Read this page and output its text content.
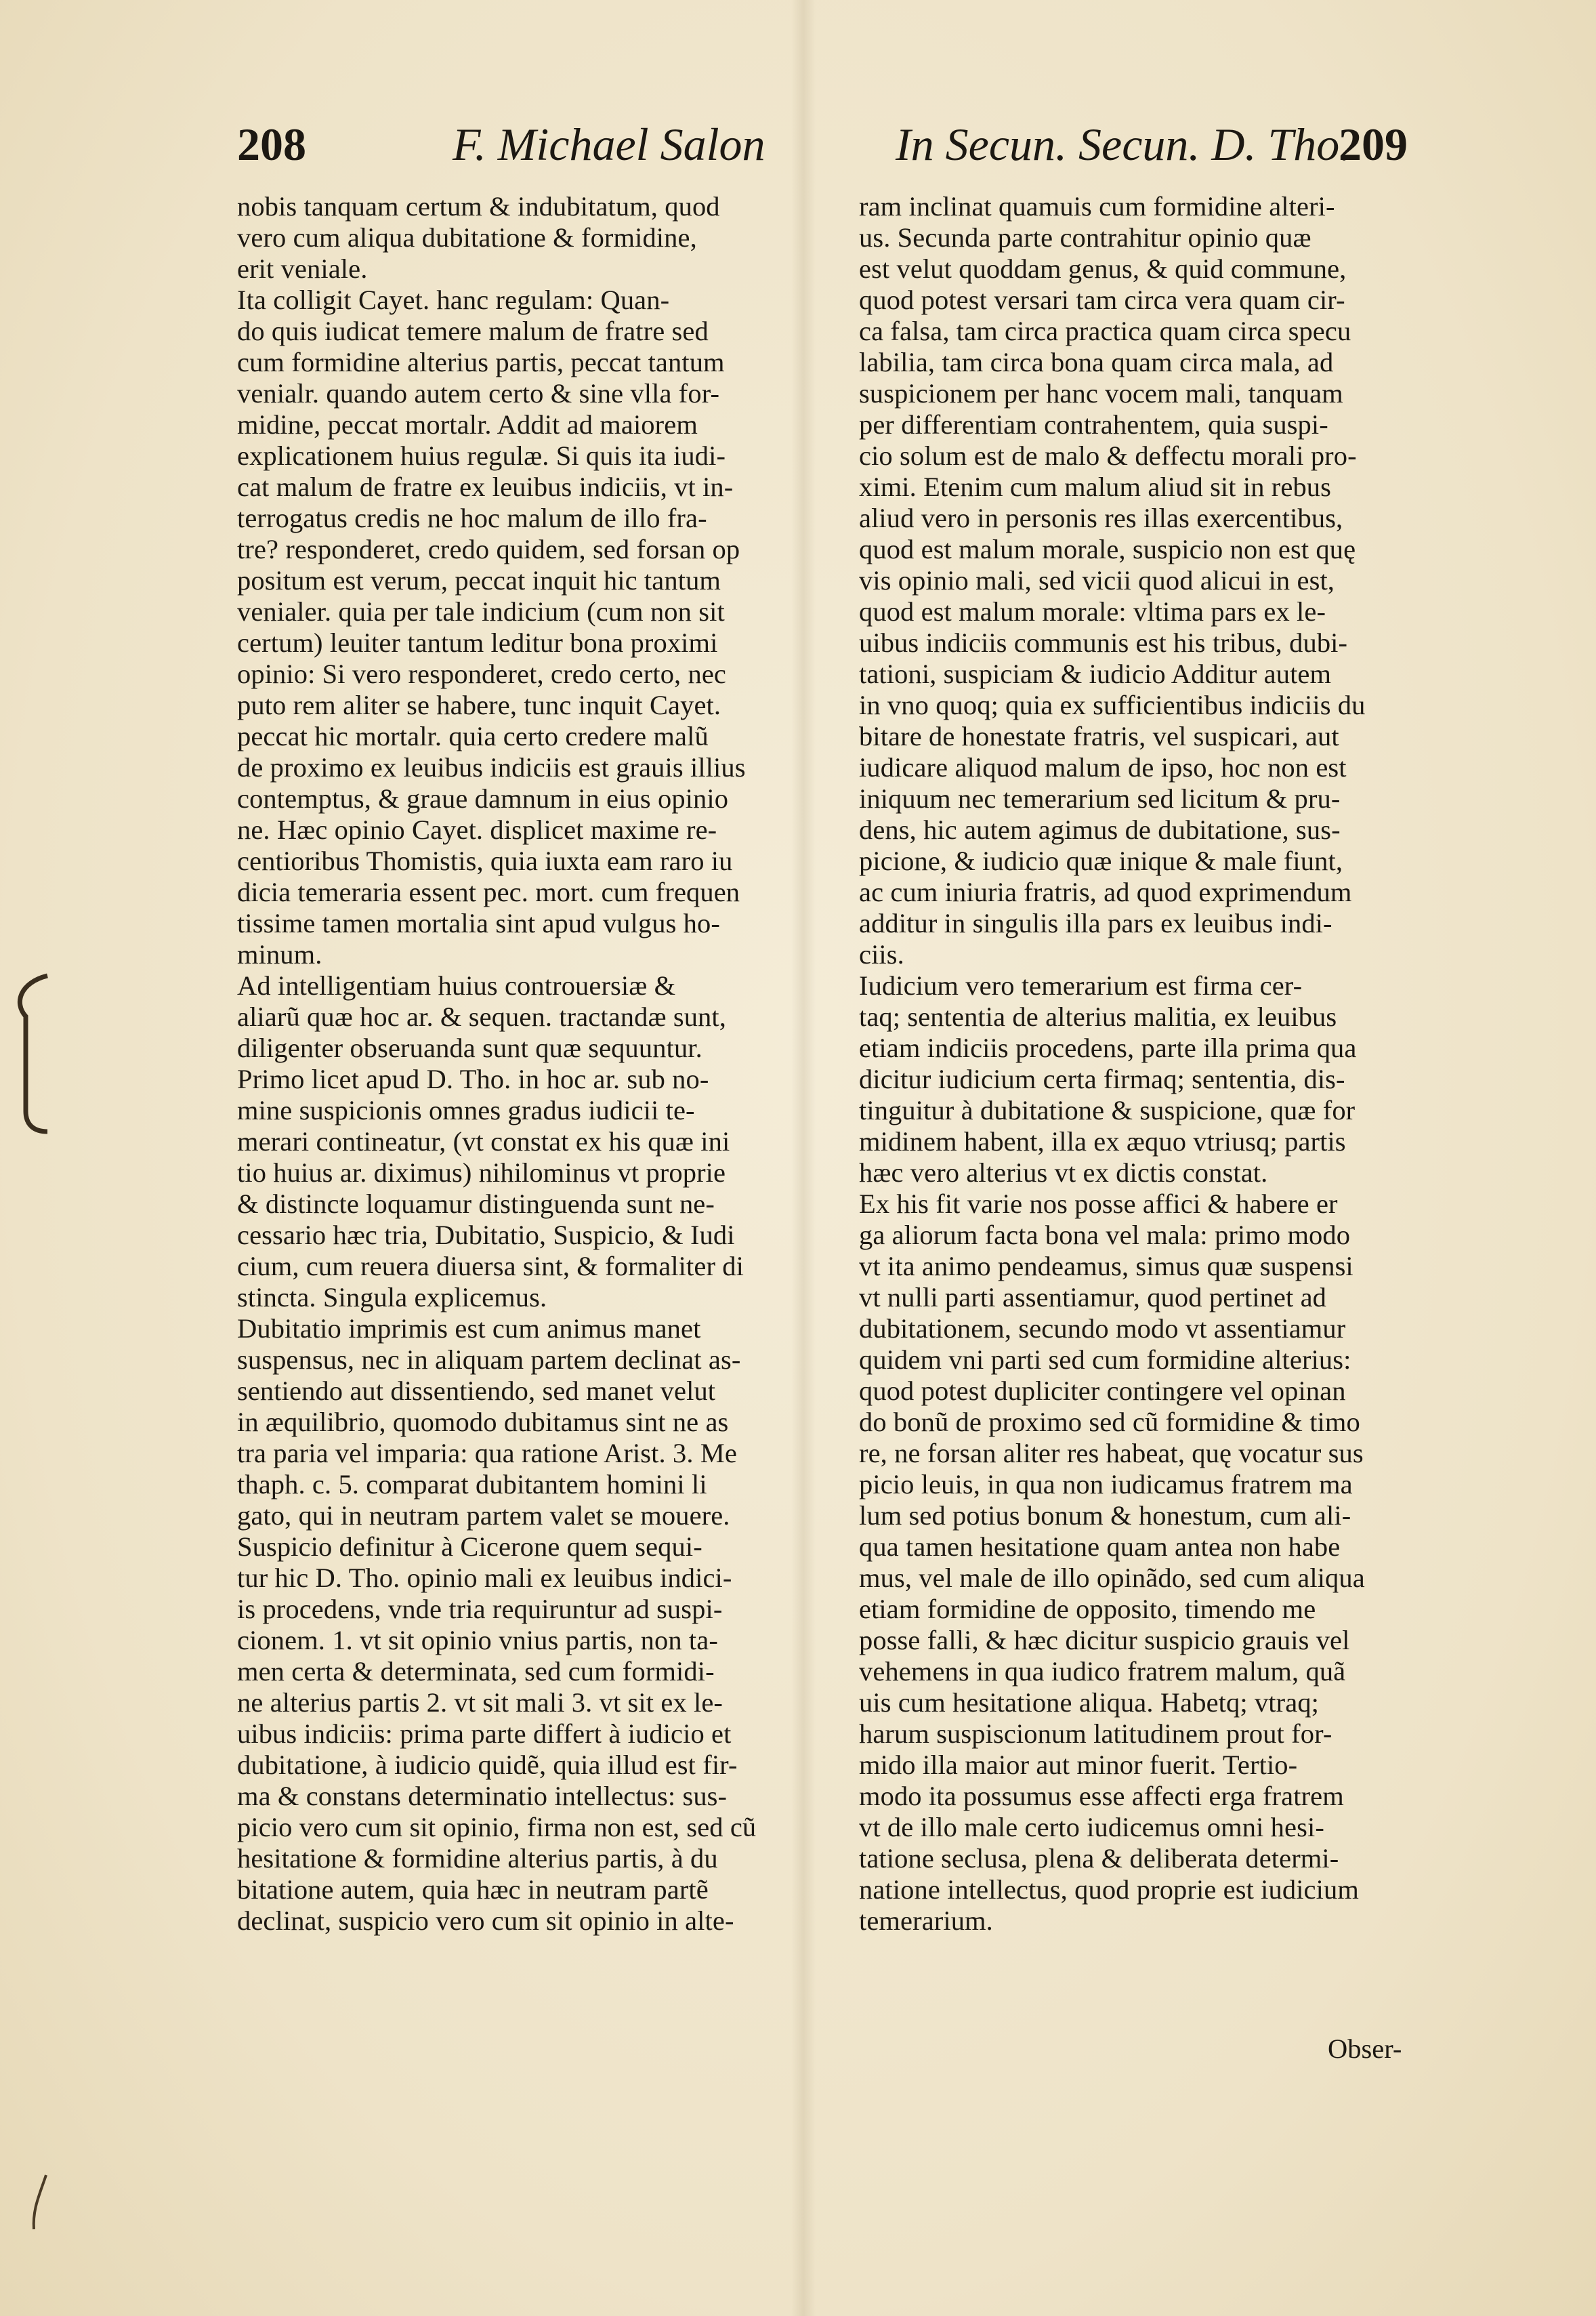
208	F. Michael Salon	In Secun. Secun. D. Tho.
209

nobis tanquam certum & indubitatum, quod

vero cum aliqua dubitatione & formidine,

erit veniale.

Ita colligit Cayet. hanc regulam: Quan-

do quis iudicat temere malum de fratre sed

cum formidine alterius partis, peccat tantum

venialr. quando autem certo & sine vlla for-

midine, peccat mortalr. Addit ad maiorem

explicationem huius regulæ. Si quis ita iudi-

cat malum de fratre ex leuibus indiciis, vt in-

terrogatus credis ne hoc malum de illo fra-

tre? responderet, credo quidem, sed forsan op

positum est verum, peccat inquit hic tantum

venialer. quia per tale indicium (cum non sit

certum) leuiter tantum leditur bona proximi

opinio: Si vero responderet, credo certo, nec

puto rem aliter se habere, tunc inquit Cayet.

peccat hic mortalr. quia certo credere malũ

de proximo ex leuibus indiciis est grauis illius

contemptus, & graue damnum in eius opinio

ne. Hæc opinio Cayet. displicet maxime re-

centioribus Thomistis, quia iuxta eam raro iu

dicia temeraria essent pec. mort. cum frequen

tissime tamen mortalia sint apud vulgus ho-

minum.

Ad intelligentiam huius controuersiæ &

aliarũ quæ hoc ar. & sequen. tractandæ sunt,

diligenter obseruanda sunt quæ sequuntur.

Primo licet apud D. Tho. in hoc ar. sub no-

mine suspicionis omnes gradus iudicii te-

merari contineatur, (vt constat ex his quæ ini

tio huius ar. diximus) nihilominus vt proprie

& distincte loquamur distinguenda sunt ne-

cessario hæc tria, Dubitatio, Suspicio, & Iudi

cium, cum reuera diuersa sint, & formaliter di

stincta. Singula explicemus.

Dubitatio imprimis est cum animus manet

suspensus, nec in aliquam partem declinat as-

sentiendo aut dissentiendo, sed manet velut

in æquilibrio, quomodo dubitamus sint ne as

tra paria vel imparia: qua ratione Arist. 3. Me

thaph. c. 5. comparat dubitantem homini li

gato, qui in neutram partem valet se mouere.

Suspicio definitur à Cicerone quem sequi-

tur hic D. Tho. opinio mali ex leuibus indici-

is procedens, vnde tria requiruntur ad suspi-

cionem. 1. vt sit opinio vnius partis, non ta-

men certa & determinata, sed cum formidi-

ne alterius partis 2. vt sit mali 3. vt sit ex le-

uibus indiciis: prima parte differt à iudicio et

dubitatione, à iudicio quidẽ, quia illud est fir-

ma & constans determinatio intellectus: sus-

picio vero cum sit opinio, firma non est, sed cũ

hesitatione & formidine alterius partis, à du

bitatione autem, quia hæc in neutram partẽ

declinat, suspicio vero cum sit opinio in alte-

ram inclinat quamuis cum formidine alteri-

us. Secunda parte contrahitur opinio quæ

est velut quoddam genus, & quid commune,

quod potest versari tam circa vera quam cir-

ca falsa, tam circa practica quam circa specu

labilia, tam circa bona quam circa mala, ad

suspicionem per hanc vocem mali, tanquam

per differentiam contrahentem, quia suspi-

cio solum est de malo & deffectu morali pro-

ximi. Etenim cum malum aliud sit in rebus

aliud vero in personis res illas exercentibus,

quod est malum morale, suspicio non est quę

vis opinio mali, sed vicii quod alicui in est,

quod est malum morale: vltima pars ex le-

uibus indiciis communis est his tribus, dubi-

tationi, suspiciam & iudicio Additur autem

in vno quoq; quia ex sufficientibus indiciis du

bitare de honestate fratris, vel suspicari, aut

iudicare aliquod malum de ipso, hoc non est

iniquum nec temerarium sed licitum & pru-

dens, hic autem agimus de dubitatione, sus-

picione, & iudicio quæ inique & male fiunt,

ac cum iniuria fratris, ad quod exprimendum

additur in singulis illa pars ex leuibus indi-

ciis.

Iudicium vero temerarium est firma cer-

taq; sententia de alterius malitia, ex leuibus

etiam indiciis procedens, parte illa prima qua

dicitur iudicium certa firmaq; sententia, dis-

tinguitur à dubitatione & suspicione, quæ for

midinem habent, illa ex æquo vtriusq; partis

hæc vero alterius vt ex dictis constat.

Ex his fit varie nos posse affici & habere er

ga aliorum facta bona vel mala: primo modo

vt ita animo pendeamus, simus quæ suspensi

vt nulli parti assentiamur, quod pertinet ad

dubitationem, secundo modo vt assentiamur

quidem vni parti sed cum formidine alterius:

quod potest dupliciter contingere vel opinan

do bonũ de proximo sed cũ formidine & timo

re, ne forsan aliter res habeat, quę vocatur sus

picio leuis, in qua non iudicamus fratrem ma

lum sed potius bonum & honestum, cum ali-

qua tamen hesitatione quam antea non habe

mus, vel male de illo opinãdo, sed cum aliqua

etiam formidine de opposito, timendo me

posse falli, & hæc dicitur suspicio grauis vel

vehemens in qua iudico fratrem malum, quã

uis cum hesitatione aliqua. Habetq; vtraq;

harum suspiscionum latitudinem prout for-

mido illa maior aut minor fuerit. Tertio-

modo ita possumus esse affecti erga fratrem

vt de illo male certo iudicemus omni hesi-

tatione seclusa, plena & deliberata determi-

natione intellectus, quod proprie est iudicium

temerarium.

Obser-
